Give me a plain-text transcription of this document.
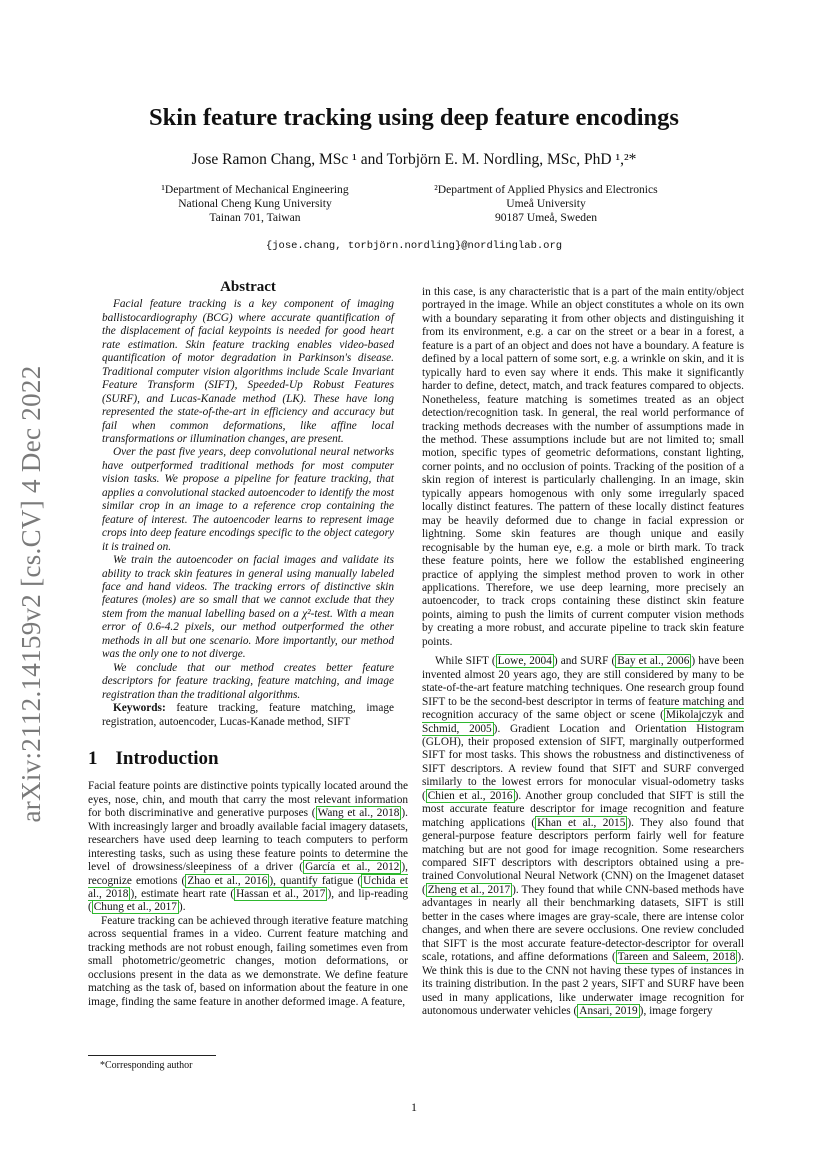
arXiv:2112.14159v2 [cs.CV] 4 Dec 2022
Skin feature tracking using deep feature encodings
Jose Ramon Chang, MSc ¹ and Torbjörn E. M. Nordling, MSc, PhD ¹,²*
¹Department of Mechanical Engineering
National Cheng Kung University
Tainan 701, Taiwan
²Department of Applied Physics and Electronics
Umeå University
90187 Umeå, Sweden
{jose.chang, torbjörn.nordling}@nordlinglab.org
Abstract

Facial feature tracking is a key component of imaging ballistocardiography (BCG) where accurate quantification of the displacement of facial keypoints is needed for good heart rate estimation. Skin feature tracking enables video-based quantification of motor degradation in Parkinson's disease. Traditional computer vision algorithms include Scale Invariant Feature Transform (SIFT), Speeded-Up Robust Features (SURF), and Lucas-Kanade method (LK). These have long represented the state-of-the-art in efficiency and accuracy but fail when common deformations, like affine local transformations or illumination changes, are present.

Over the past five years, deep convolutional neural networks have outperformed traditional methods for most computer vision tasks. We propose a pipeline for feature tracking, that applies a convolutional stacked autoencoder to identify the most similar crop in an image to a reference crop containing the feature of interest. The autoencoder learns to represent image crops into deep feature encodings specific to the object category it is trained on.

We train the autoencoder on facial images and validate its ability to track skin features in general using manually labeled face and hand videos. The tracking errors of distinctive skin features (moles) are so small that we cannot exclude that they stem from the manual labelling based on a χ²-test. With a mean error of 0.6-4.2 pixels, our method outperformed the other methods in all but one scenario. More importantly, our method was the only one to not diverge.

We conclude that our method creates better feature descriptors for feature tracking, feature matching, and image registration than the traditional algorithms.

Keywords: feature tracking, feature matching, image registration, autoencoder, Lucas-Kanade method, SIFT

1 Introduction

Facial feature points are distinctive points typically located around the eyes, nose, chin, and mouth that carry the most relevant information for both discriminative and generative purposes ( Wang et al., 2018 ). With increasingly larger and broadly available facial imagery datasets, researchers have used deep learning to teach computers to perform interesting tasks, such as using these feature points to determine the level of drowsiness/sleepiness of a driver ( García et al., 2012 ), recognize emotions ( Zhao et al., 2016 ), quantify fatigue ( Uchida et al., 2018 ), estimate heart rate ( Hassan et al., 2017 ), and lip-reading ( Chung et al., 2017 ).

Feature tracking can be achieved through iterative feature matching across sequential frames in a video. Current feature matching and tracking methods are not robust enough, failing sometimes even from small photometric/geometric changes, motion deformations, or occlusions present in the data as we demonstrate. We define feature matching as the task of, based on information about the feature in one image, finding the same feature in another deformed image. A feature,

in this case, is any characteristic that is a part of the main entity/object portrayed in the image. While an object constitutes a whole on its own with a boundary separating it from other objects and distinguishing it from its environment, e.g. a car on the street or a bear in a forest, a feature is a part of an object and does not have a boundary. A feature is defined by a local pattern of some sort, e.g. a wrinkle on skin, and it is typically hard to even say where it ends. This make it significantly harder to define, detect, match, and track features compared to objects. Nonetheless, feature matching is sometimes treated as an object detection/recognition task. In general, the real world performance of tracking methods decreases with the number of assumptions made in the method. These assumptions include but are not limited to; small motion, specific types of geometric deformations, constant lighting, corner points, and no occlusion of points. Tracking of the position of a skin region of interest is particularly challenging. In an image, skin typically appears homogenous with only some irregularly spaced locally distinct features. The pattern of these locally distinct features may be heavily deformed due to change in facial expression or lightning. Some skin features are though unique and easily recognisable by the human eye, e.g. a mole or birth mark. To track these feature points, here we follow the established engineering practice of applying the simplest method proven to work in other applications. Therefore, we use deep learning, more precisely an autoencoder, to track crops containing these distinct skin feature points, aiming to push the limits of current computer vision methods by creating a more robust, and accurate pipeline to track skin feature points.

While SIFT ( Lowe, 2004 ) and SURF ( Bay et al., 2006 ) have been invented almost 20 years ago, they are still considered by many to be state-of-the-art feature matching techniques. One research group found SIFT to be the second-best descriptor in terms of feature matching and recognition accuracy of the same object or scene ( Mikolajczyk and Schmid, 2005 ). Gradient Location and Orientation Histogram (GLOH), their proposed extension of SIFT, marginally outperformed SIFT for most tasks. This shows the robustness and distinctiveness of SIFT descriptors. A review found that SIFT and SURF converged similarly to the lowest errors for monocular visual-odometry tasks ( Chien et al., 2016 ). Another group concluded that SIFT is still the most accurate feature descriptor for image recognition and feature matching applications ( Khan et al., 2015 ). They also found that general-purpose feature descriptors perform fairly well for feature matching but are not good for image recognition. Some researchers compared SIFT descriptors with descriptors obtained using a pre-trained Convolutional Neural Network (CNN) on the Imagenet dataset ( Zheng et al., 2017 ). They found that while CNN-based methods have advantages in nearly all their benchmarking datasets, SIFT is still better in the cases where images are gray-scale, there are intense color changes, and when there are severe occlusions. One review concluded that SIFT is the most accurate feature-detector-descriptor for overall scale, rotations, and affine deformations ( Tareen and Saleem, 2018 ). We think this is due to the CNN not having these types of instances in its training distribution. In the past 2 years, SIFT and SURF have been used in many applications, like underwater image recognition for autonomous underwater vehicles ( Ansari, 2019 ), image forgery

*Corresponding author
1
